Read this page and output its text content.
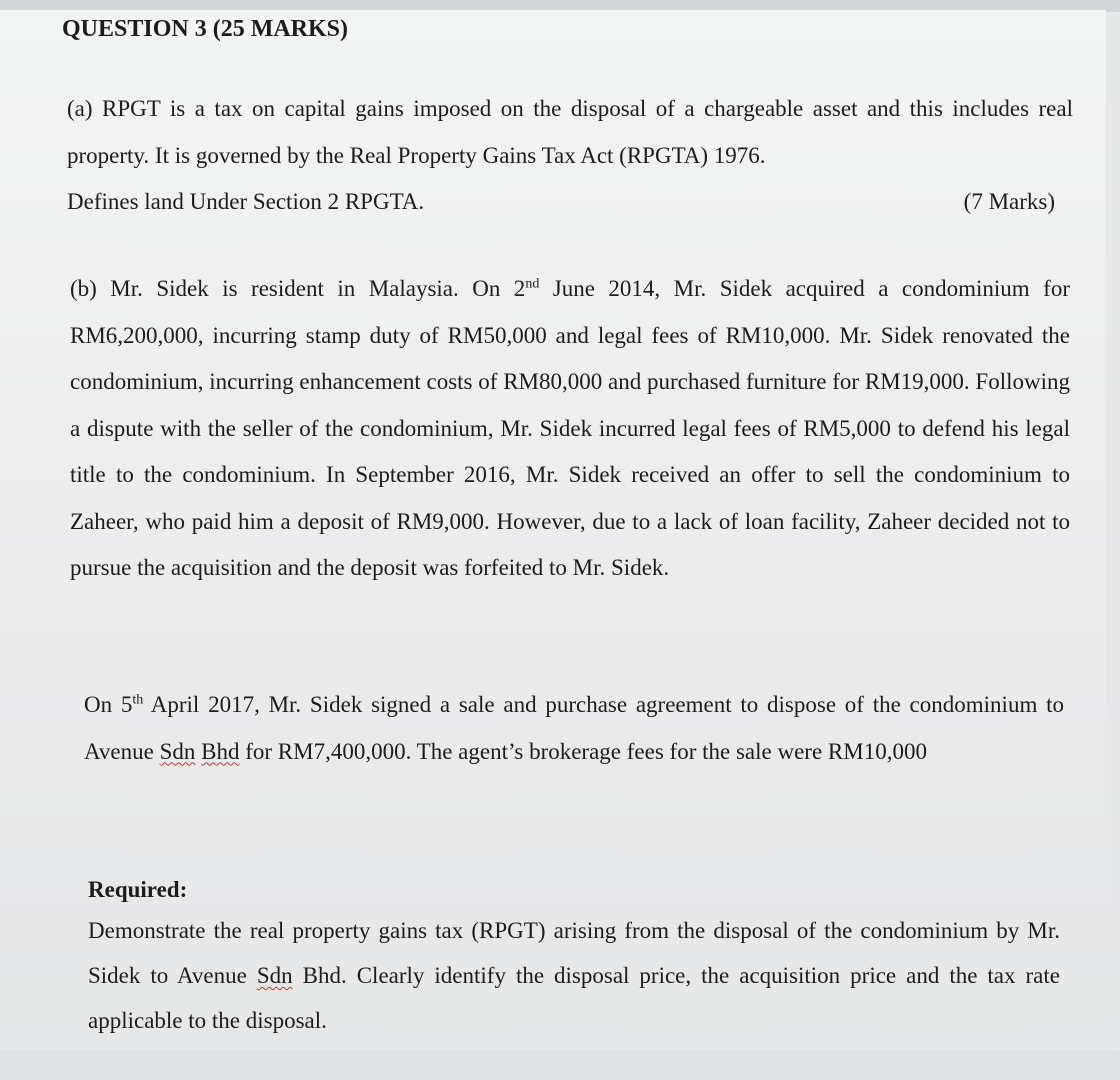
QUESTION 3 (25 MARKS)

(a) RPGT is a tax on capital gains imposed on the disposal of a chargeable asset and this includes real property. It is governed by the Real Property Gains Tax Act (RPGTA) 1976.

Defines land Under Section 2 RPGTA.	(7 Marks)

(b) Mr. Sidek is resident in Malaysia. On 2nd June 2014, Mr. Sidek acquired a condominium for RM6,200,000, incurring stamp duty of RM50,000 and legal fees of RM10,000. Mr. Sidek renovated the condominium, incurring enhancement costs of RM80,000 and purchased furniture for RM19,000. Following a dispute with the seller of the condominium, Mr. Sidek incurred legal fees of RM5,000 to defend his legal title to the condominium. In September 2016, Mr. Sidek received an offer to sell the condominium to Zaheer, who paid him a deposit of RM9,000. However, due to a lack of loan facility, Zaheer decided not to pursue the acquisition and the deposit was forfeited to Mr. Sidek.

On 5th April 2017, Mr. Sidek signed a sale and purchase agreement to dispose of the condominium to Avenue Sdn Bhd for RM7,400,000. The agent’s brokerage fees for the sale were RM10,000

Required:

Demonstrate the real property gains tax (RPGT) arising from the disposal of the condominium by Mr. Sidek to Avenue Sdn Bhd. Clearly identify the disposal price, the acquisition price and the tax rate applicable to the disposal.
